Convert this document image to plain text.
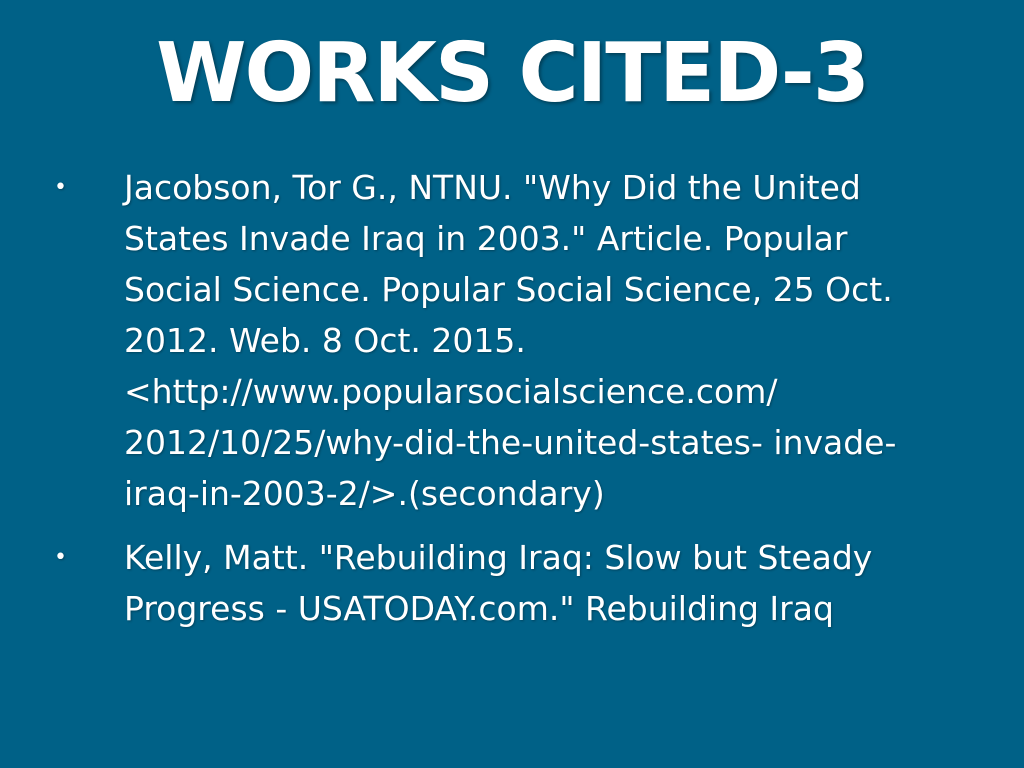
WORKS CITED-3
• Jacobson, Tor G., NTNU. "Why Did the United States Invade Iraq in 2003." Article. Popular Social Science. Popular Social Science, 25 Oct. 2012. Web. 8 Oct. 2015. <http://www.popularsocialscience.com/ 2012/10/25/why-did-the-united-states- invade- iraq-in-2003-2/>.(secondary)
• Kelly, Matt. "Rebuilding Iraq: Slow but Steady Progress - USATODAY.com." Rebuilding Iraq
